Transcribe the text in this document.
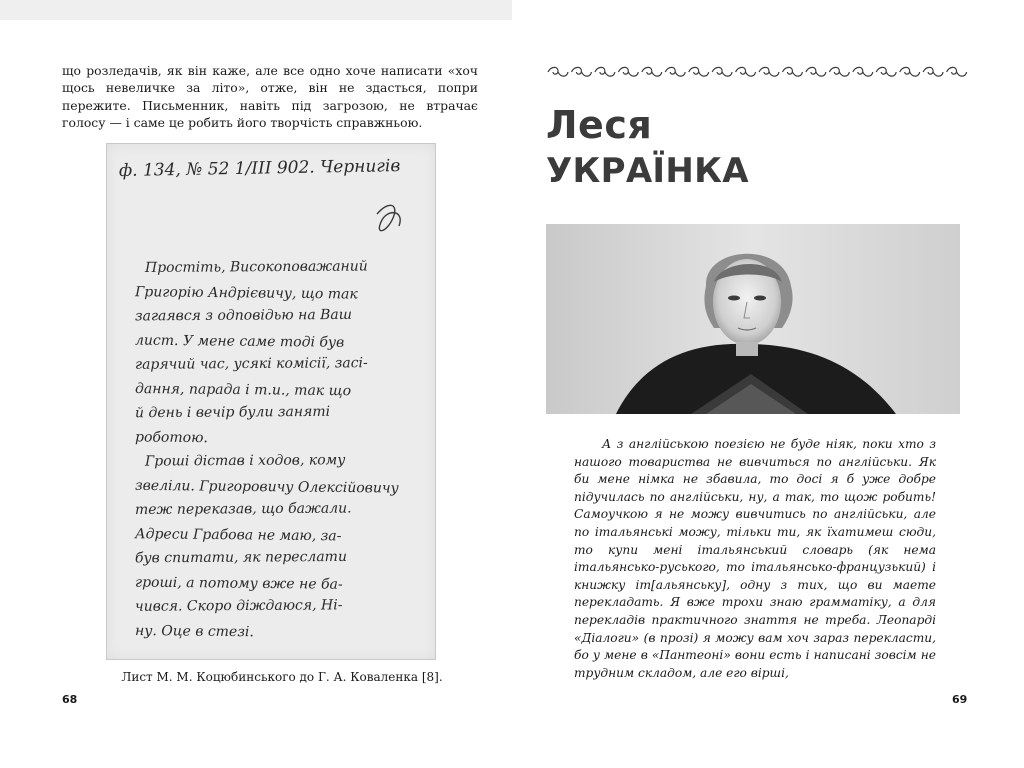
що розледачів, як він каже, але все одно хоче написати «хоч щось невеличке за літо», отже, він не здасться, попри пережите. Письменник, навіть під загрозою, не втрачає голосу — і саме це робить його творчість справжньою.

ф. 134, № 52 1/III 902. Чернигів
Простіть, Високоповажаний
Григорію Андрієвичу, що так
загаявся з одповідью на Ваш
лист. У мене саме тоді був
гарячий час, усякі комісії, засі-
дання, парада і т.и., так що
й день і вечір були заняті
роботою.
Гроші дістав і ходов, кому
звеліли. Григоровичу Олексійовичу
теж переказав, що бажали.
Адреси Грабова не маю, за-
був спитати, як переслати
гроші, а потому вже не ба-
чився. Скоро діждаюся, Ні-
ну. Оце в стезі.
Лист М. М. Коцюбинського до Г. А. Коваленка [8].
68
Леся
УКРАЇНКА

А з англійською поезією не буде ніяк, поки хто з нашого товариства не вивчиться по англійськи. Як би мене німка не збавила, то досі я б уже добре підучилась по англійськи, ну, а так, то щож робить! Самоучкою я не можу вивчитись по англійськи, але по італьянські можу, тільки ти, як їхатимеш сюди, то купи мені італьянський словарь (як нема італьянсько-руського, то італьянсько-французький) і книжку іт[альянську], одну з тих, що ви маете перекладать. Я вже трохи знаю грамматіку, а для перекладів практичного знаття не треба. Леопарді «Діалоги» (в прозі) я можу вам хоч зараз перекласти, бо у мене в «Пантеоні» вони есть і написані зовсім не трудним складом, але его вірші,

69
